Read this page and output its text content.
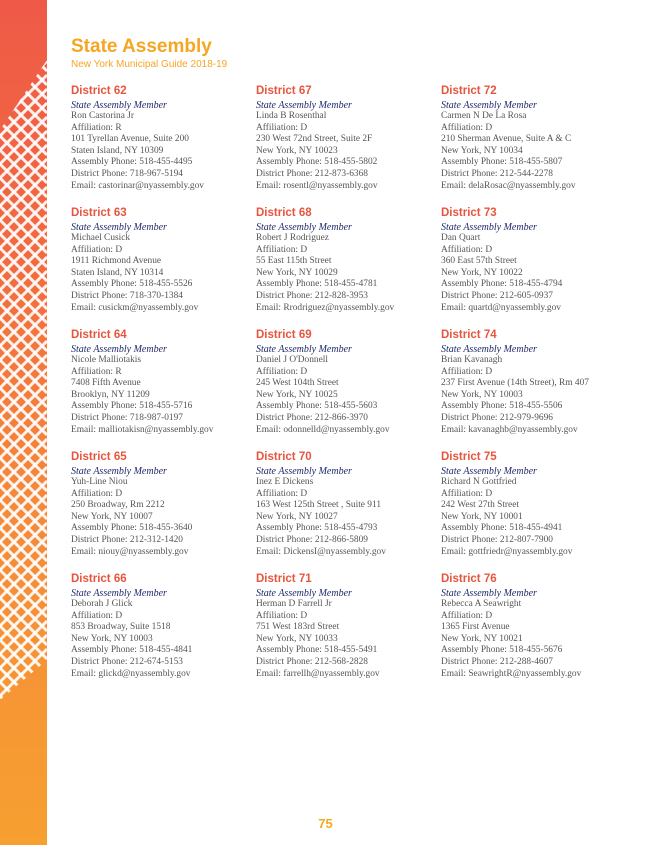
State Assembly
New York Municipal Guide 2018-19
District 62
State Assembly Member
Ron Castorina Jr
Affiliation: R
101 Tyrellan Avenue, Suite 200
Staten Island, NY 10309
Assembly Phone: 518-455-4495
District Phone: 718-967-5194
Email: castorinar@nyassembly.gov
District 67
State Assembly Member
Linda B Rosenthal
Affiliation: D
230 West 72nd Street, Suite 2F
New York, NY 10023
Assembly Phone: 518-455-5802
District Phone: 212-873-6368
Email: rosentl@nyassembly.gov
District 72
State Assembly Member
Carmen N De La Rosa
Affiliation: D
210 Sherman Avenue, Suite A & C
New York, NY 10034
Assembly Phone: 518-455-5807
District Phone: 212-544-2278
Email: delaRosac@nyassembly.gov
District 63
State Assembly Member
Michael Cusick
Affiliation: D
1911 Richmond Avenue
Staten Island, NY 10314
Assembly Phone: 518-455-5526
District Phone: 718-370-1384
Email: cusickm@nyassembly.gov
District 68
State Assembly Member
Robert J Rodriguez
Affiliation: D
55 East 115th Street
New York, NY 10029
Assembly Phone: 518-455-4781
District Phone: 212-828-3953
Email: Rrodriguez@nyassembly.gov
District 73
State Assembly Member
Dan Quart
Affiliation: D
360 East 57th Street
New York, NY 10022
Assembly Phone: 518-455-4794
District Phone: 212-605-0937
Email: quartd@nyassembly.gov
District 64
State Assembly Member
Nicole Malliotakis
Affiliation: R
7408 Fifth Avenue
Brooklyn, NY 11209
Assembly Phone: 518-455-5716
District Phone: 718-987-0197
Email: malliotakisn@nyassembly.gov
District 69
State Assembly Member
Daniel J O'Donnell
Affiliation: D
245 West 104th Street
New York, NY 10025
Assembly Phone: 518-455-5603
District Phone: 212-866-3970
Email: odonnelld@nyassembly.gov
District 74
State Assembly Member
Brian Kavanagh
Affiliation: D
237 First Avenue (14th Street), Rm 407
New York, NY 10003
Assembly Phone: 518-455-5506
District Phone: 212-979-9696
Email: kavanaghb@nyassembly.gov
District 65
State Assembly Member
Yuh-Line Niou
Affiliation: D
250 Broadway, Rm 2212
New York, NY 10007
Assembly Phone: 518-455-3640
District Phone: 212-312-1420
Email: niouy@nyassembly.gov
District 70
State Assembly Member
Inez E Dickens
Affiliation: D
163 West 125th Street , Suite 911
New York, NY 10027
Assembly Phone: 518-455-4793
District Phone: 212-866-5809
Email: DickensI@nyassembly.gov
District 75
State Assembly Member
Richard N Gottfried
Affiliation: D
242 West 27th Street
New York, NY 10001
Assembly Phone: 518-455-4941
District Phone: 212-807-7900
Email: gottfriedr@nyassembly.gov
District 66
State Assembly Member
Deborah J Glick
Affiliation: D
853 Broadway, Suite 1518
New York, NY 10003
Assembly Phone: 518-455-4841
District Phone: 212-674-5153
Email: glickd@nyassembly.gov
District 71
State Assembly Member
Herman D Farrell Jr
Affiliation: D
751 West 183rd Street
New York, NY 10033
Assembly Phone: 518-455-5491
District Phone: 212-568-2828
Email: farrellh@nyassembly.gov
District 76
State Assembly Member
Rebecca A Seawright
Affiliation: D
1365 First Avenue
New York, NY 10021
Assembly Phone: 518-455-5676
District Phone: 212-288-4607
Email: SeawrightR@nyassembly.gov
75
